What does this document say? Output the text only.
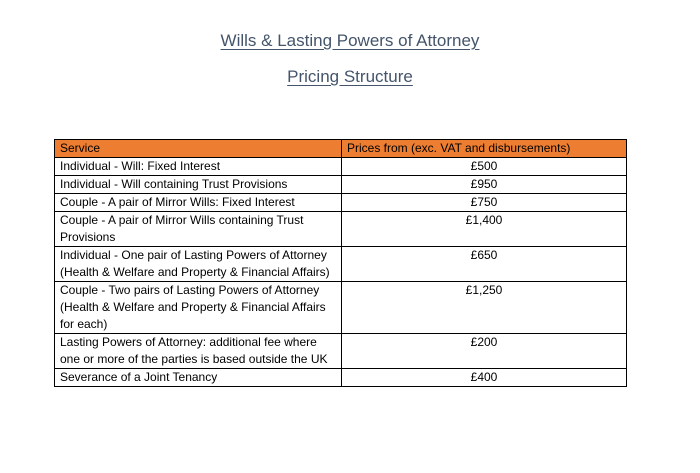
Wills & Lasting Powers of Attorney
Pricing Structure
Service	Prices from (exc. VAT and disbursements)
Individual - Will: Fixed Interest	£500
Individual - Will containing Trust Provisions	£950
Couple - A pair of Mirror Wills: Fixed Interest	£750
Couple - A pair of Mirror Wills containing Trust Provisions	£1,400
Individual - One pair of Lasting Powers of Attorney (Health & Welfare and Property & Financial Affairs)	£650
Couple - Two pairs of Lasting Powers of Attorney (Health & Welfare and Property & Financial Affairs for each)	£1,250
Lasting Powers of Attorney: additional fee where one or more of the parties is based outside the UK	£200
Severance of a Joint Tenancy	£400
